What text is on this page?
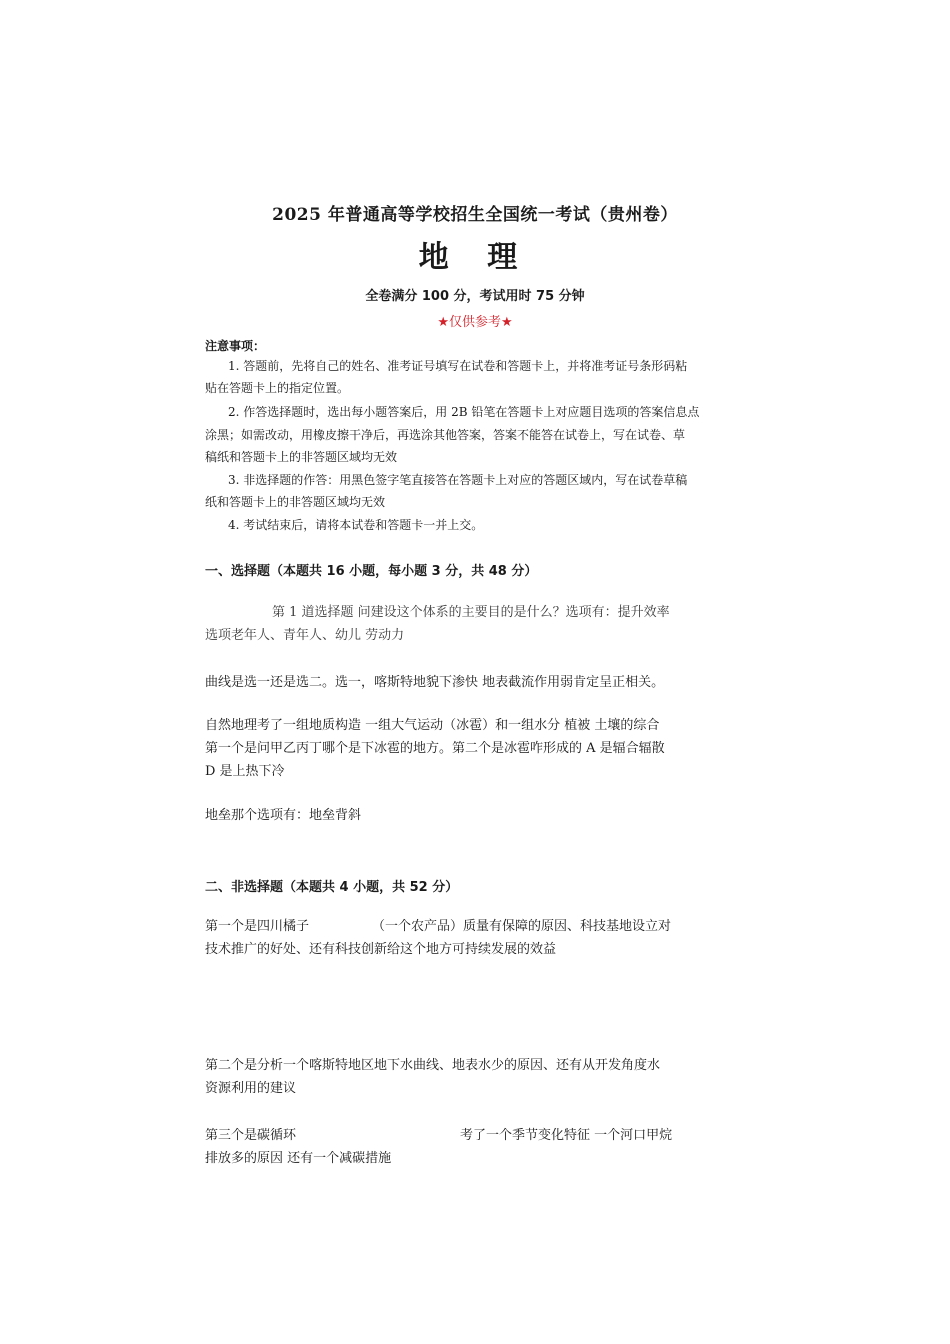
2025 年普通高等学校招生全国统一考试（贵州卷）
地 理
全卷满分 100 分，考试用时 75 分钟
★仅供参考★
注意事项：
1. 答题前，先将自己的姓名、准考证号填写在试卷和答题卡上，并将准考证号条形码粘
贴在答题卡上的指定位置。
2. 作答选择题时，选出每小题答案后，用 2B 铅笔在答题卡上对应题目选项的答案信息点
涂黑；如需改动，用橡皮擦干净后，再选涂其他答案，答案不能答在试卷上，写在试卷、草
稿纸和答题卡上的非答题区域均无效
3. 非选择题的作答：用黑色签字笔直接答在答题卡上对应的答题区域内，写在试卷草稿
纸和答题卡上的非答题区域均无效
4. 考试结束后，请将本试卷和答题卡一并上交。
一、选择题（本题共 16 小题，每小题 3 分，共 48 分）
第 1 道选择题 问建设这个体系的主要目的是什么？选项有：提升效率
选项老年人、青年人、幼儿 劳动力
曲线是选一还是选二。选一，喀斯特地貌下渗快 地表截流作用弱肯定呈正相关。
自然地理考了一组地质构造 一组大气运动（冰雹）和一组水分 植被 土壤的综合
第一个是问甲乙丙丁哪个是下冰雹的地方。第二个是冰雹咋形成的 A 是辐合辐散
D 是上热下冷
地垒那个选项有：地垒背斜
二、非选择题（本题共 4 小题，共 52 分）
第一个是四川橘子	（一个农产品）质量有保障的原因、科技基地设立对
技术推广的好处、还有科技创新给这个地方可持续发展的效益
第二个是分析一个喀斯特地区地下水曲线、地表水少的原因、还有从开发角度水
资源利用的建议
第三个是碳循环	考了一个季节变化特征 一个河口甲烷
排放多的原因 还有一个减碳措施
